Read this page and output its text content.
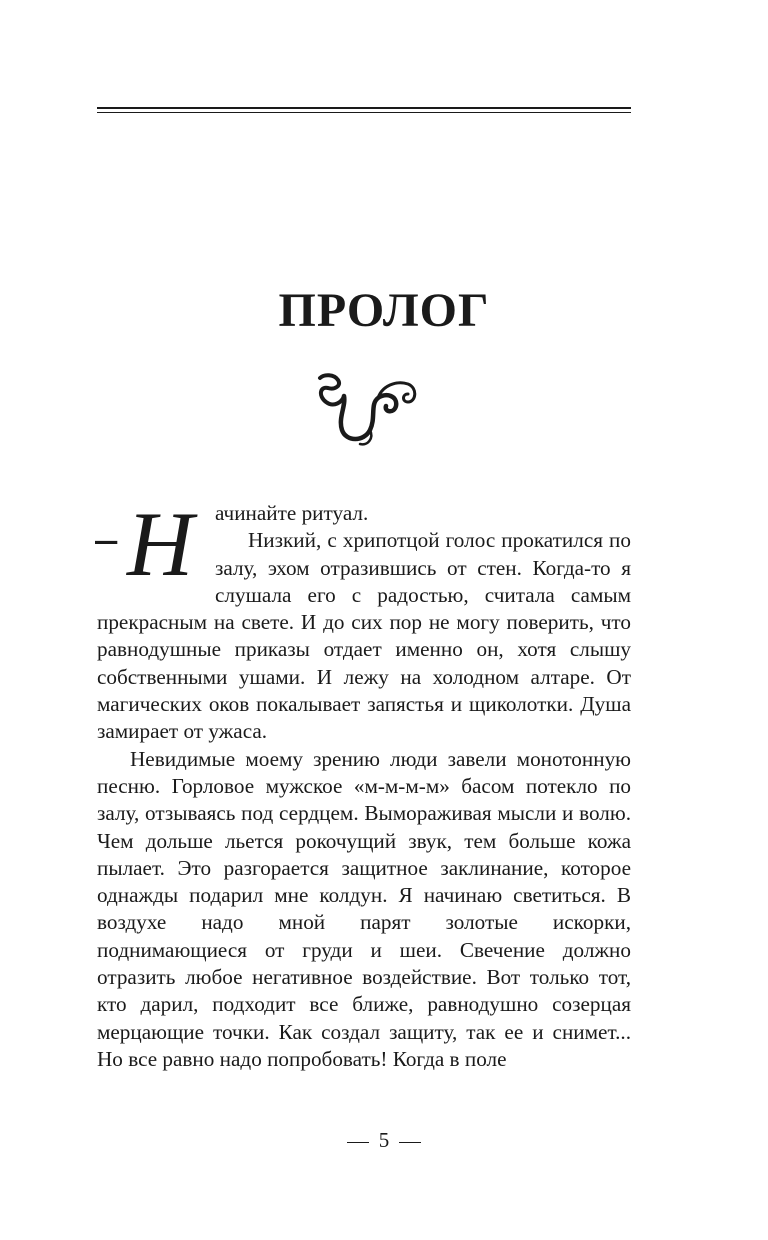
ПРОЛОГ
– Н	ачинайте ритуал.

Низкий, с хрипотцой голос прокатился по залу, эхом отразившись от стен. Когда-то я слушала его с радостью, считала самым прекрасным на свете. И до сих пор не могу поверить, что равнодушные приказы отдает именно он, хотя слышу собственными ушами. И лежу на холодном алтаре. От магических оков покалывает запястья и щиколотки. Душа замирает от ужаса.

Невидимые моему зрению люди завели монотонную песню. Горловое мужское «м-м-м-м» басом потекло по залу, отзываясь под сердцем. Вымораживая мысли и волю. Чем дольше льется рокочущий звук, тем больше кожа пылает. Это разгорается защитное заклинание, которое однажды подарил мне колдун. Я начинаю светиться. В воздухе надо мной парят золотые искорки, поднимающиеся от груди и шеи. Свечение должно отразить любое негативное воздействие. Вот только тот, кто дарил, подходит все ближе, равнодушно созерцая мерцающие точки. Как создал защиту, так ее и снимет... Но все равно надо попробовать! Когда в поле

5
